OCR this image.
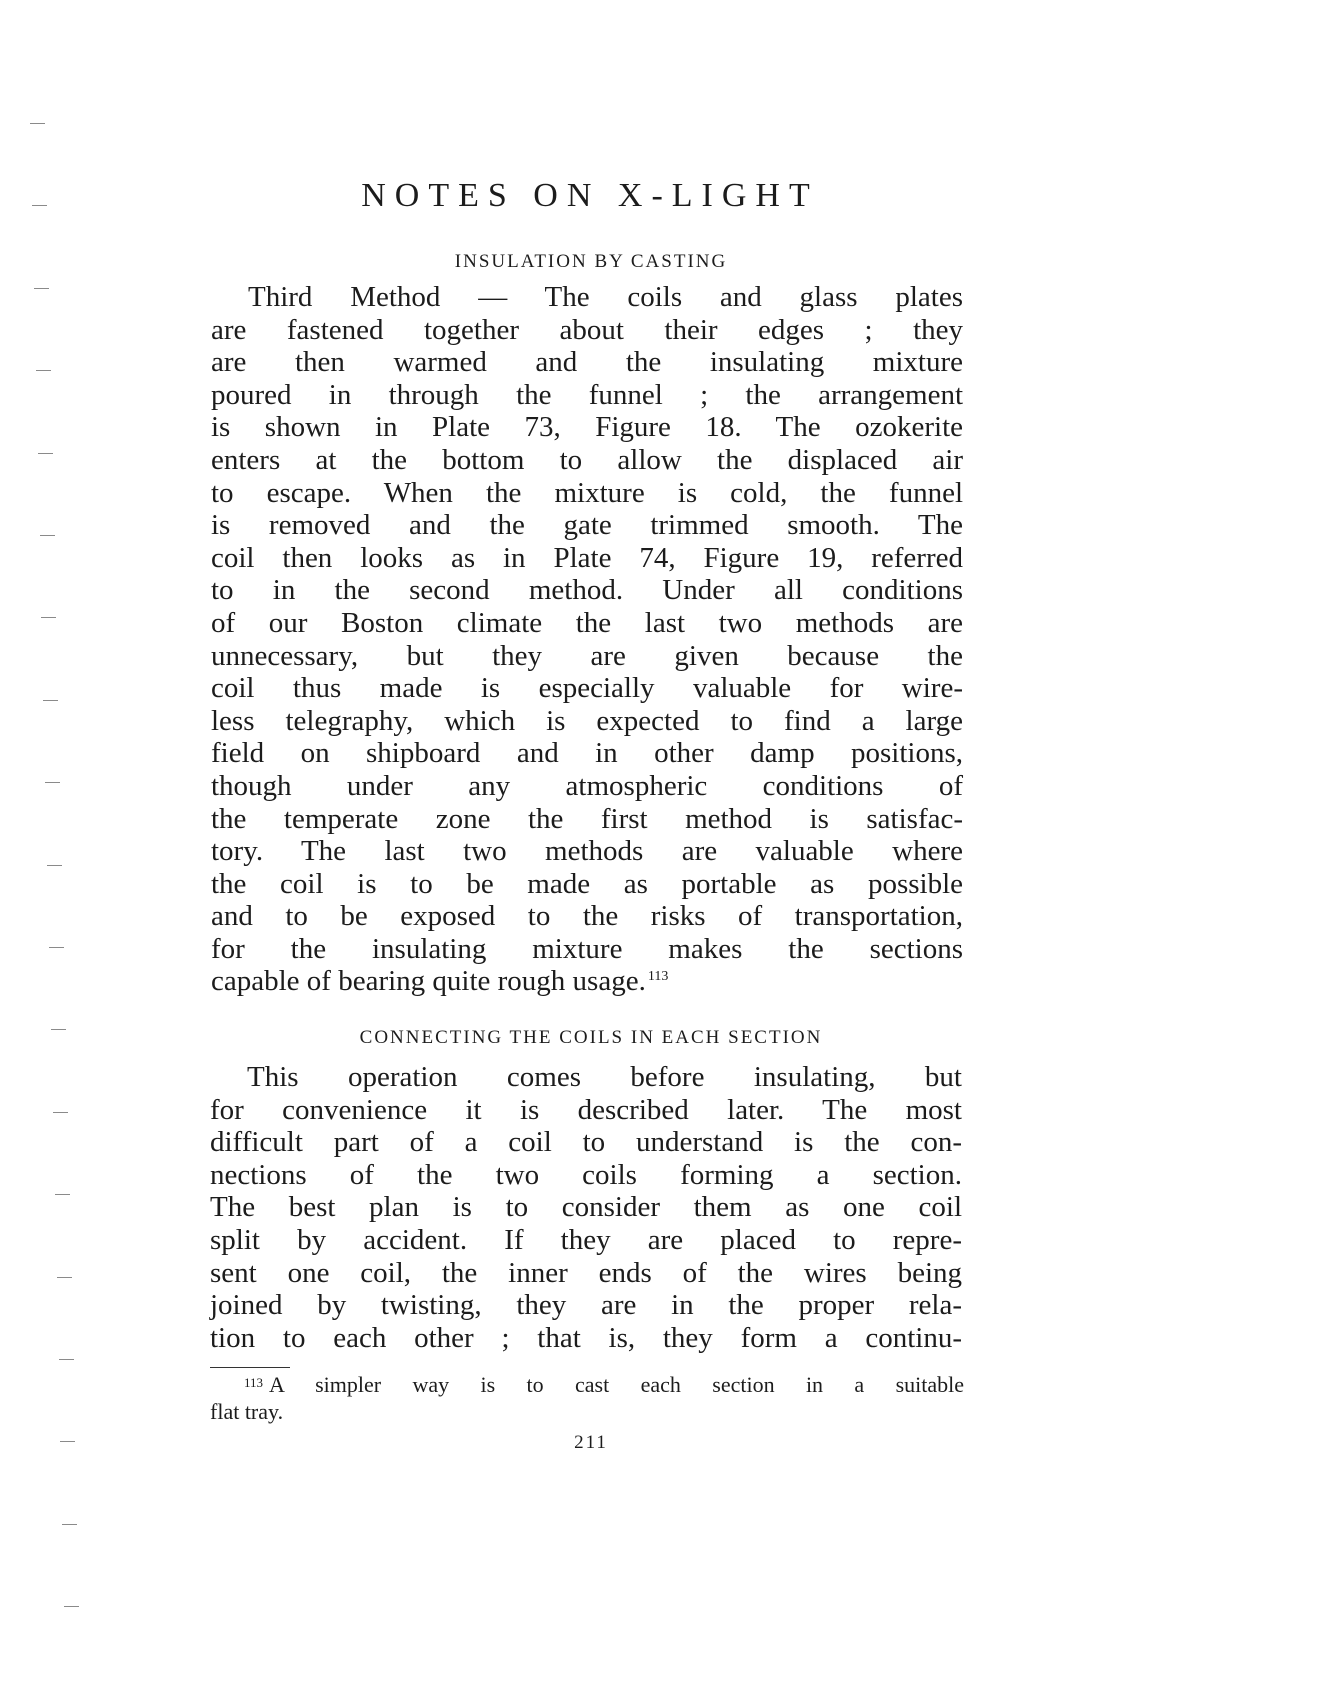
NOTES ON X-LIGHT
INSULATION BY CASTING
Third Method — The coils and glass plates
are fastened together about their edges ; they
are then warmed and the insulating mixture
poured in through the funnel ; the arrangement
is shown in Plate 73, Figure 18. The ozokerite
enters at the bottom to allow the displaced air
to escape. When the mixture is cold, the funnel
is removed and the gate trimmed smooth. The
coil then looks as in Plate 74, Figure 19, referred
to in the second method. Under all conditions
of our Boston climate the last two methods are
unnecessary, but they are given because the
coil thus made is especially valuable for wire-
less telegraphy, which is expected to find a large
field on shipboard and in other damp positions,
though under any atmospheric conditions of
the temperate zone the first method is satisfac-
tory. The last two methods are valuable where
the coil is to be made as portable as possible
and to be exposed to the risks of transportation,
for the insulating mixture makes the sections
capable of bearing quite rough usage. $^{113}$
CONNECTING THE COILS IN EACH SECTION
This operation comes before insulating, but
for convenience it is described later. The most
difficult part of a coil to understand is the con-
nections of the two coils forming a section.
The best plan is to consider them as one coil
split by accident. If they are placed to repre-
sent one coil, the inner ends of the wires being
joined by twisting, they are in the proper rela-
tion to each other ; that is, they form a continu-
$^{113}$ A simpler way is to cast each section in a suitable
flat tray.
211
